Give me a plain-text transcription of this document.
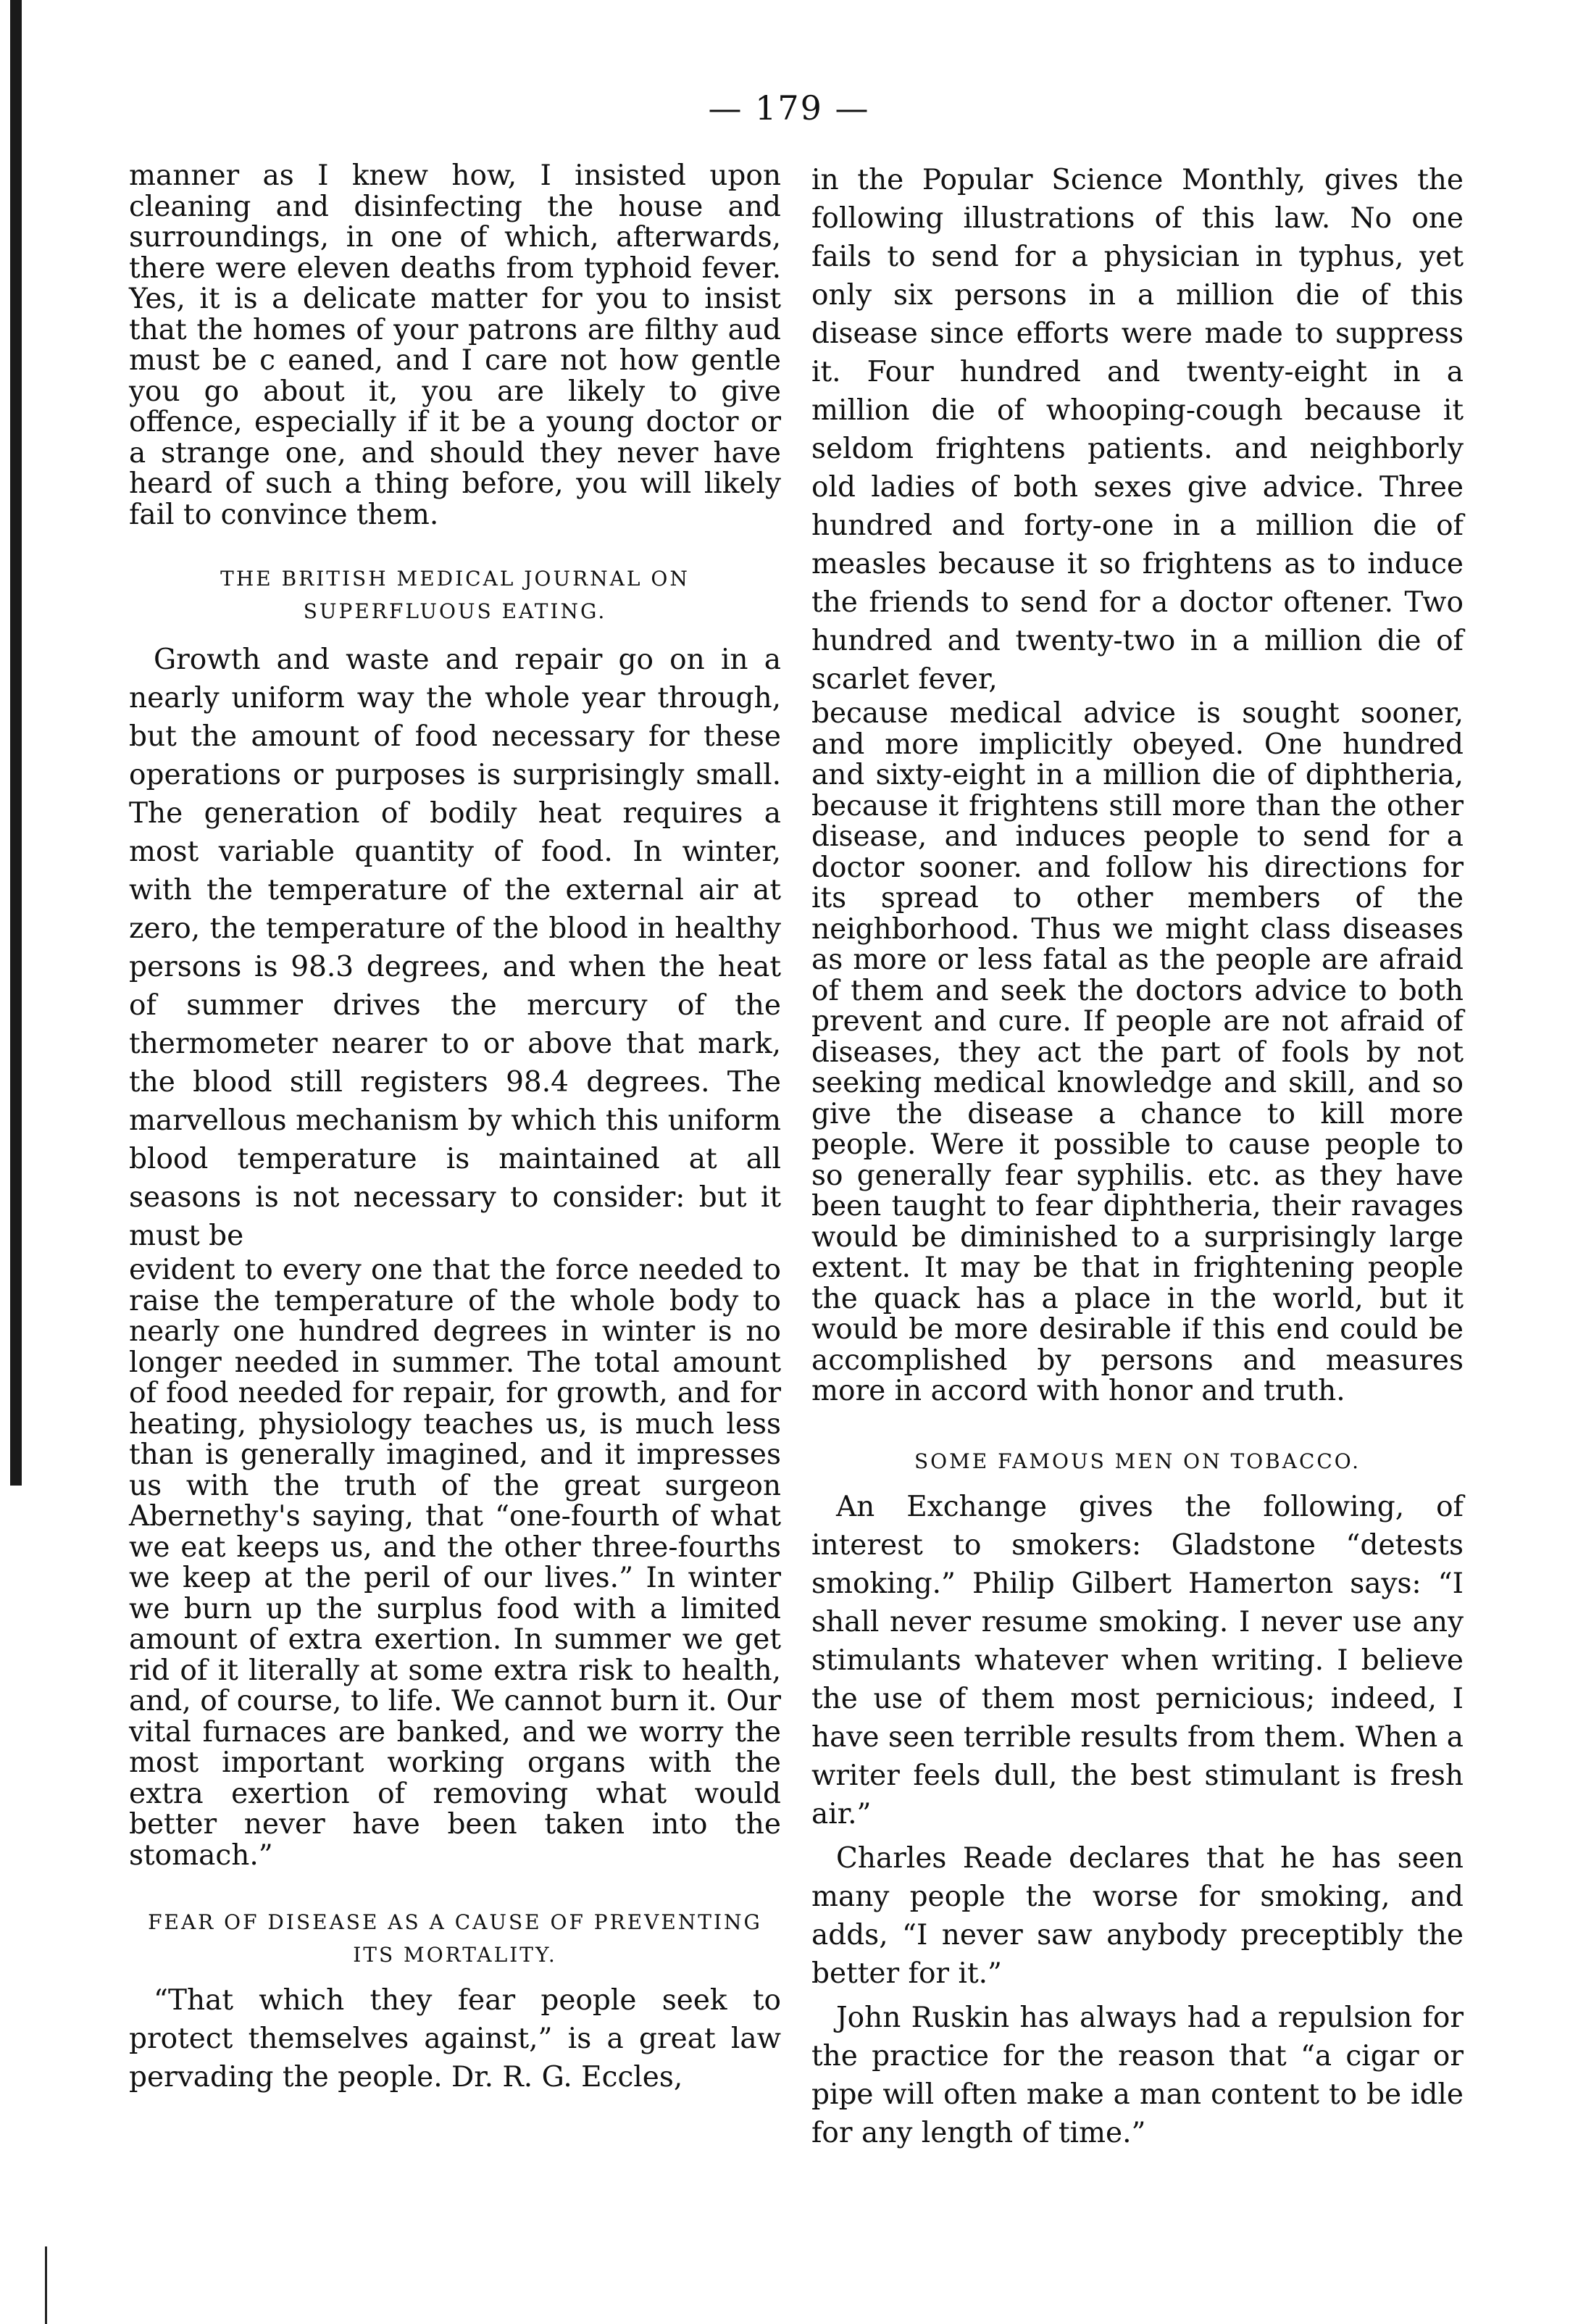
— 179 —

manner as I knew how, I insisted upon cleaning and disinfecting the house and surroundings, in one of which, afterwards, there were eleven deaths from typhoid fever. Yes, it is a delicate matter for you to insist that the homes of your patrons are filthy aud must be c eaned, and I care not how gentle you go about it, you are likely to give offence, especially if it be a young doctor or a strange one, and should they never have heard of such a thing before, you will likely fail to convince them.

THE BRITISH MEDICAL JOURNAL ON SUPERFLUOUS EATING.

Growth and waste and repair go on in a nearly uniform way the whole year through, but the amount of food necessary for these operations or purposes is surprisingly small. The generation of bodily heat requires a most variable quantity of food. In winter, with the temperature of the external air at zero, the temperature of the blood in healthy persons is 98.3 degrees, and when the heat of summer drives the mercury of the thermometer nearer to or above that mark, the blood still registers 98.4 degrees. The marvellous mechanism by which this uniform blood temperature is maintained at all seasons is not necessary to consider: but it must be

evident to every one that the force needed to raise the temperature of the whole body to nearly one hundred degrees in winter is no longer needed in summer. The total amount of food needed for repair, for growth, and for heating, physiology teaches us, is much less than is generally imagined, and it impresses us with the truth of the great surgeon Abernethy's saying, that “one-fourth of what we eat keeps us, and the other three-fourths we keep at the peril of our lives.” In winter we burn up the surplus food with a limited amount of extra exertion. In summer we get rid of it literally at some extra risk to health, and, of course, to life. We cannot burn it. Our vital furnaces are banked, and we worry the most important working organs with the extra exertion of removing what would better never have been taken into the stomach.”

FEAR OF DISEASE AS A CAUSE OF PREVENTING ITS MORTALITY.

“That which they fear people seek to protect themselves against,” is a great law pervading the people. Dr. R. G. Eccles,

in the Popular Science Monthly, gives the following illustrations of this law. No one fails to send for a physician in typhus, yet only six persons in a million die of this disease since efforts were made to suppress it. Four hundred and twenty-eight in a million die of whooping-cough because it seldom frightens patients. and neighborly old ladies of both sexes give advice. Three hundred and forty-one in a million die of measles because it so frightens as to induce the friends to send for a doctor oftener. Two hundred and twenty-two in a million die of scarlet fever,

because medical advice is sought sooner, and more implicitly obeyed. One hundred and sixty-eight in a million die of diphtheria, because it frightens still more than the other disease, and induces people to send for a doctor sooner. and follow his directions for its spread to other members of the neighborhood. Thus we might class diseases as more or less fatal as the people are afraid of them and seek the doctors advice to both prevent and cure. If people are not afraid of diseases, they act the part of fools by not seeking medical knowledge and skill, and so give the disease a chance to kill more people. Were it possible to cause people to so generally fear syphilis. etc. as they have been taught to fear diphtheria, their ravages would be diminished to a surprisingly large extent. It may be that in frightening people the quack has a place in the world, but it would be more desirable if this end could be accomplished by persons and measures more in accord with honor and truth.

SOME FAMOUS MEN ON TOBACCO.

An Exchange gives the following, of interest to smokers: Gladstone “detests smoking.” Philip Gilbert Hamerton says: “I shall never resume smoking. I never use any stimulants whatever when writing. I believe the use of them most pernicious; indeed, I have seen terrible results from them. When a writer feels dull, the best stimulant is fresh air.”

Charles Reade declares that he has seen many people the worse for smoking, and adds, “I never saw anybody preceptibly the better for it.”

John Ruskin has always had a repulsion for the practice for the reason that “a cigar or pipe will often make a man content to be idle for any length of time.”
